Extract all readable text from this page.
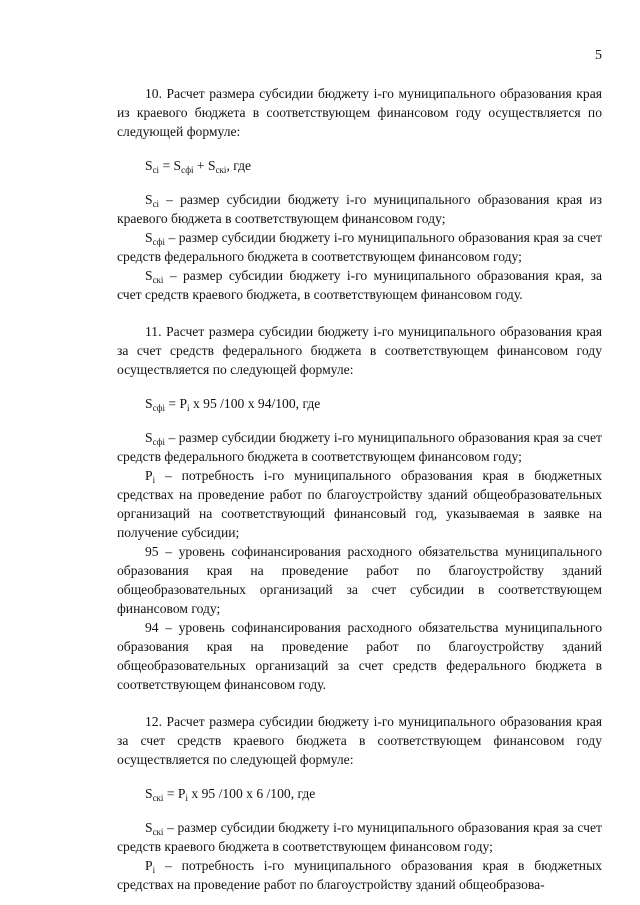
5

10. Расчет размера субсидии бюджету i-го муниципального образования края из краевого бюджета в соответствующем финансовом году осуществляется по следующей формуле:

$S_{ci} = S_{сфi} + S_{скi}$, где

$S_{ci}$ – размер субсидии бюджету i-го муниципального образования края из краевого бюджета в соответствующем финансовом году;

$S_{сфi}$ – размер субсидии бюджету i-го муниципального образования края за счет средств федерального бюджета в соответствующем финансовом году;

$S_{скi}$ – размер субсидии бюджету i-го муниципального образования края, за счет средств краевого бюджета, в соответствующем финансовом году.

11. Расчет размера субсидии бюджету i-го муниципального образования края за счет средств федерального бюджета в соответствующем финансовом году осуществляется по следующей формуле:

$S_{сфi} = P_i$ x 95 /100 x 94/100, где

$S_{сфi}$ – размер субсидии бюджету i-го муниципального образования края за счет средств федерального бюджета в соответствующем финансовом году;

$P_i$ – потребность i-го муниципального образования края в бюджетных средствах на проведение работ по благоустройству зданий общеобразовательных организаций на соответствующий финансовый год, указываемая в заявке на получение субсидии;

95 – уровень софинансирования расходного обязательства муниципального образования края на проведение работ по благоустройству зданий общеобразовательных организаций за счет субсидии в соответствующем финансовом году;

94 – уровень софинансирования расходного обязательства муниципального образования края на проведение работ по благоустройству зданий общеобразовательных организаций за счет средств федерального бюджета в соответствующем финансовом году.

12. Расчет размера субсидии бюджету i-го муниципального образования края за счет средств краевого бюджета в соответствующем финансовом году осуществляется по следующей формуле:

$S_{скi} = P_i$ x 95 /100 x 6 /100, где

$S_{скi}$ – размер субсидии бюджету i-го муниципального образования края за счет средств краевого бюджета в соответствующем финансовом году;

$P_i$ – потребность i-го муниципального образования края в бюджетных средствах на проведение работ по благоустройству зданий общеобразова-
